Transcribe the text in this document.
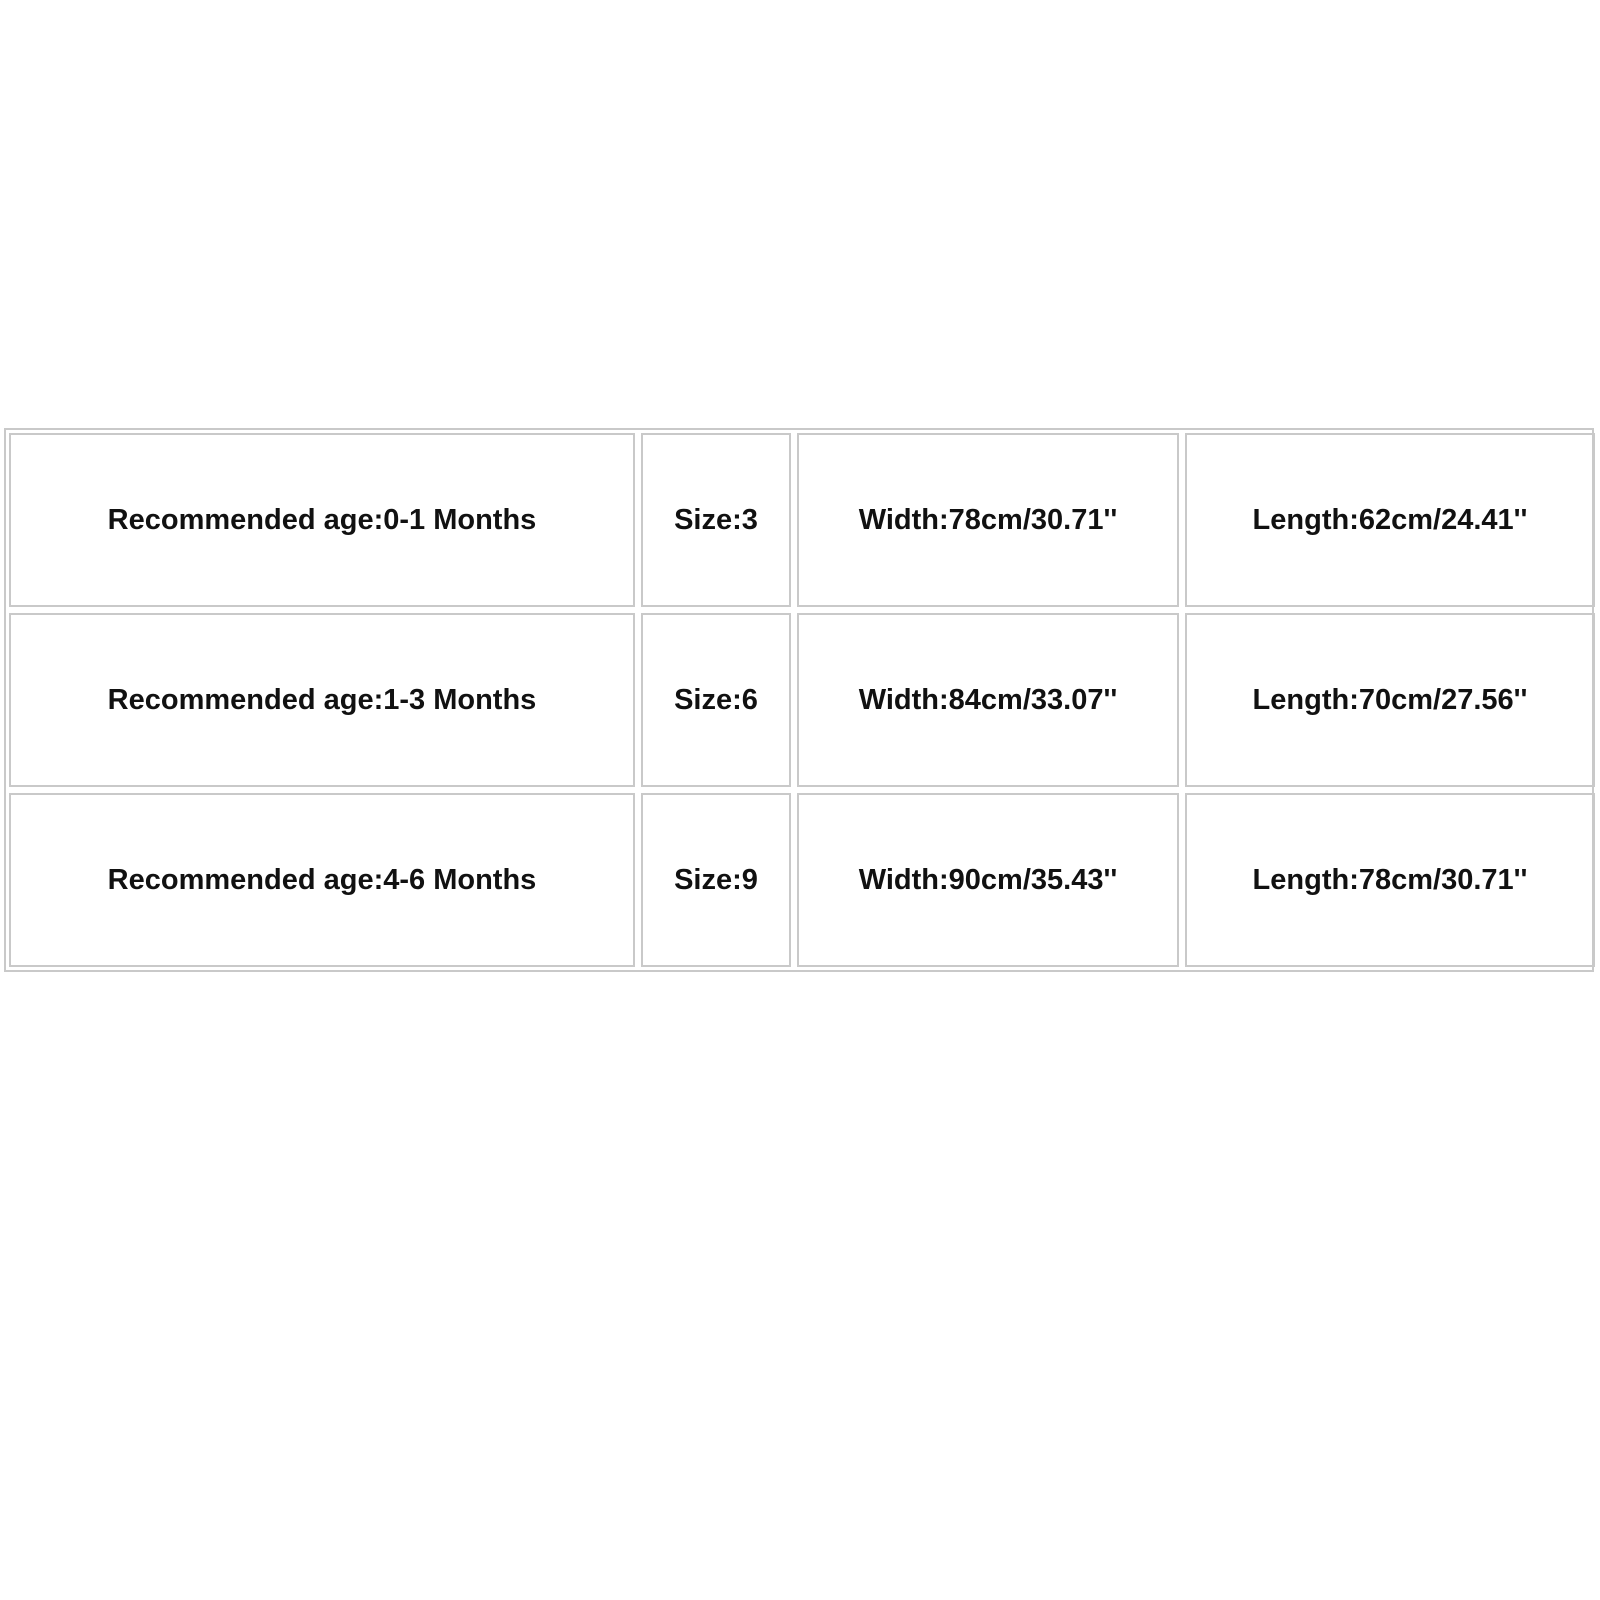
Recommended age:0-1 Months	Size:3	Width:78cm/30.71''	Length:62cm/24.41''
Recommended age:1-3 Months	Size:6	Width:84cm/33.07''	Length:70cm/27.56''
Recommended age:4-6 Months	Size:9	Width:90cm/35.43''	Length:78cm/30.71''
